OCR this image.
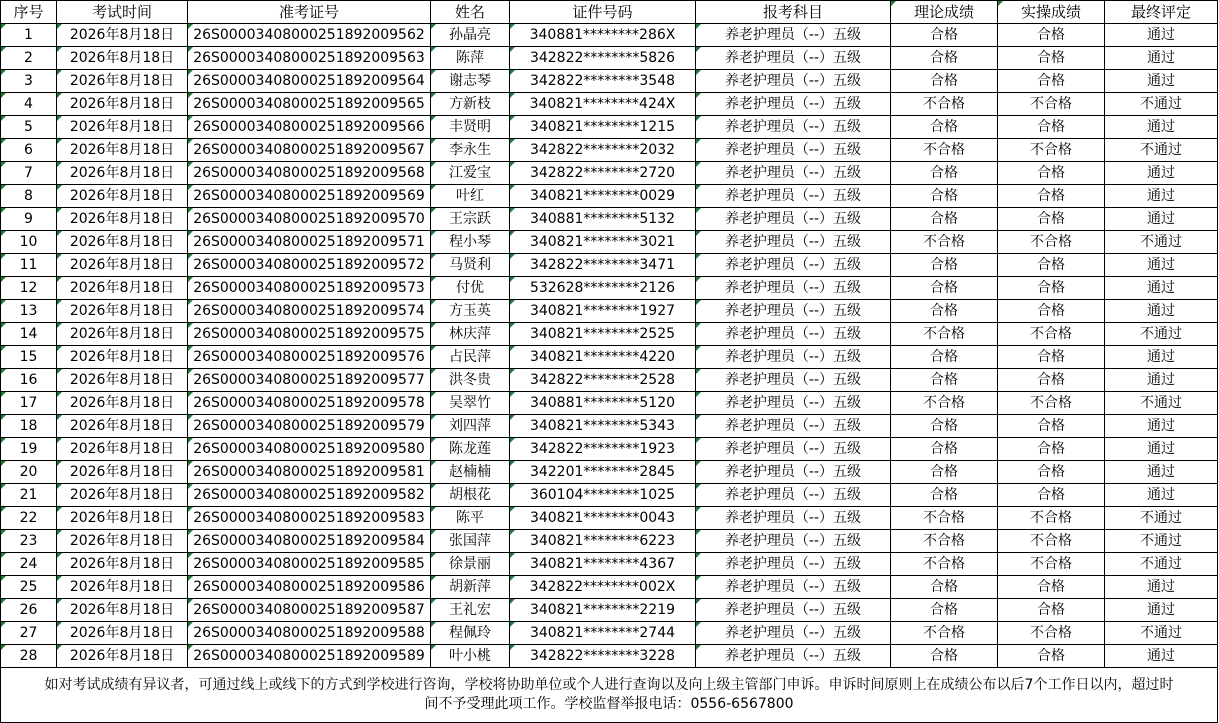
序号	考试时间	准考证号	姓名	证件号码	报考科目	理论成绩	实操成绩	最终评定
1	2026年8月18日	26S00003408000251892009562	孙晶亮	340881********286X	养老护理员（--）五级	合格	合格	通过
2	2026年8月18日	26S00003408000251892009563	陈萍	342822********5826	养老护理员（--）五级	合格	合格	通过
3	2026年8月18日	26S00003408000251892009564	谢志琴	342822********3548	养老护理员（--）五级	合格	合格	通过
4	2026年8月18日	26S00003408000251892009565	方新枝	340821********424X	养老护理员（--）五级	不合格	不合格	不通过
5	2026年8月18日	26S00003408000251892009566	丰贤明	340821********1215	养老护理员（--）五级	合格	合格	通过
6	2026年8月18日	26S00003408000251892009567	李永生	342822********2032	养老护理员（--）五级	不合格	不合格	不通过
7	2026年8月18日	26S00003408000251892009568	江爱宝	342822********2720	养老护理员（--）五级	合格	合格	通过
8	2026年8月18日	26S00003408000251892009569	叶红	340821********0029	养老护理员（--）五级	合格	合格	通过
9	2026年8月18日	26S00003408000251892009570	王宗跃	340881********5132	养老护理员（--）五级	合格	合格	通过
10	2026年8月18日	26S00003408000251892009571	程小琴	340821********3021	养老护理员（--）五级	不合格	不合格	不通过
11	2026年8月18日	26S00003408000251892009572	马贤利	342822********3471	养老护理员（--）五级	合格	合格	通过
12	2026年8月18日	26S00003408000251892009573	付优	532628********2126	养老护理员（--）五级	合格	合格	通过
13	2026年8月18日	26S00003408000251892009574	方玉英	340821********1927	养老护理员（--）五级	合格	合格	通过
14	2026年8月18日	26S00003408000251892009575	林庆萍	340821********2525	养老护理员（--）五级	不合格	不合格	不通过
15	2026年8月18日	26S00003408000251892009576	占民萍	340821********4220	养老护理员（--）五级	合格	合格	通过
16	2026年8月18日	26S00003408000251892009577	洪冬贵	342822********2528	养老护理员（--）五级	合格	合格	通过
17	2026年8月18日	26S00003408000251892009578	吴翠竹	340881********5120	养老护理员（--）五级	不合格	不合格	不通过
18	2026年8月18日	26S00003408000251892009579	刘四萍	340821********5343	养老护理员（--）五级	合格	合格	通过
19	2026年8月18日	26S00003408000251892009580	陈龙莲	342822********1923	养老护理员（--）五级	合格	合格	通过
20	2026年8月18日	26S00003408000251892009581	赵楠楠	342201********2845	养老护理员（--）五级	合格	合格	通过
21	2026年8月18日	26S00003408000251892009582	胡根花	360104********1025	养老护理员（--）五级	合格	合格	通过
22	2026年8月18日	26S00003408000251892009583	陈平	340821********0043	养老护理员（--）五级	不合格	不合格	不通过
23	2026年8月18日	26S00003408000251892009584	张国萍	340821********6223	养老护理员（--）五级	不合格	不合格	不通过
24	2026年8月18日	26S00003408000251892009585	徐景丽	340821********4367	养老护理员（--）五级	不合格	不合格	不通过
25	2026年8月18日	26S00003408000251892009586	胡新萍	342822********002X	养老护理员（--）五级	合格	合格	通过
26	2026年8月18日	26S00003408000251892009587	王礼宏	340821********2219	养老护理员（--）五级	合格	合格	通过
27	2026年8月18日	26S00003408000251892009588	程佩玲	340821********2744	养老护理员（--）五级	不合格	不合格	不通过
28	2026年8月18日	26S00003408000251892009589	叶小桃	342822********3228	养老护理员（--）五级	合格	合格	通过
如对考试成绩有异议者，可通过线上或线下的方式到学校进行咨询，学校将协助单位或个人进行查询以及向上级主管部门申诉。申诉时间原则上在成绩公布以后7个工作日以内，超过时间不予受理此项工作。学校监督举报电话：0556-6567800								
